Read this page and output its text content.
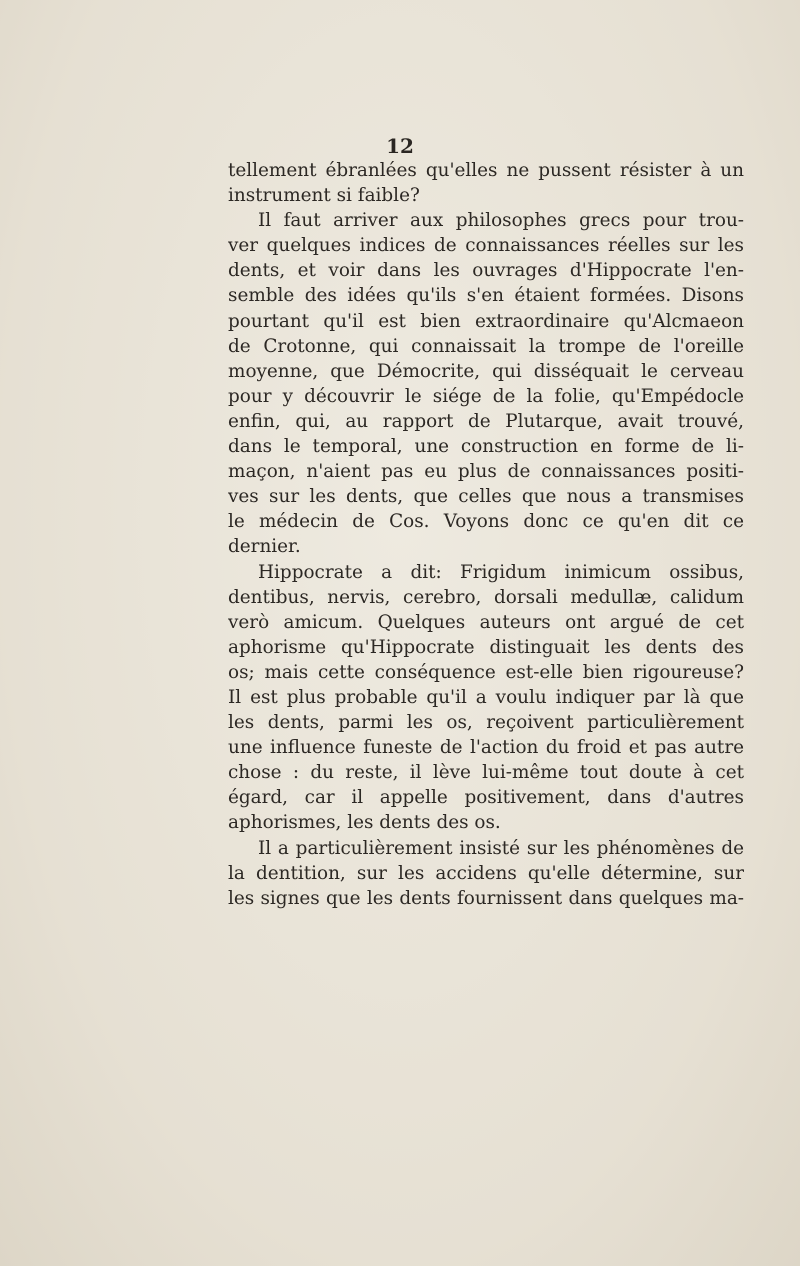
12
tellement ébranlées qu'elles ne pussent résister à un
instrument si faible?
Il faut arriver aux philosophes grecs pour trou-
ver quelques indices de connaissances réelles sur les
dents, et voir dans les ouvrages d'Hippocrate l'en-
semble des idées qu'ils s'en étaient formées. Disons
pourtant qu'il est bien extraordinaire qu'Alcmaeon
de Crotonne, qui connaissait la trompe de l'oreille
moyenne, que Démocrite, qui disséquait le cerveau
pour y découvrir le siége de la folie, qu'Empédocle
enfin, qui, au rapport de Plutarque, avait trouvé,
dans le temporal, une construction en forme de li-
maçon, n'aient pas eu plus de connaissances positi-
ves sur les dents, que celles que nous a transmises
le médecin de Cos. Voyons donc ce qu'en dit ce
dernier.
Hippocrate a dit: Frigidum inimicum ossibus,
dentibus, nervis, cerebro, dorsali medullæ, calidum
verò amicum. Quelques auteurs ont argué de cet
aphorisme qu'Hippocrate distinguait les dents des
os; mais cette conséquence est-elle bien rigoureuse?
Il est plus probable qu'il a voulu indiquer par là que
les dents, parmi les os, reçoivent particulièrement
une influence funeste de l'action du froid et pas autre
chose : du reste, il lève lui-même tout doute à cet
égard, car il appelle positivement, dans d'autres
aphorismes, les dents des os.
Il a particulièrement insisté sur les phénomènes de
la dentition, sur les accidens qu'elle détermine, sur
les signes que les dents fournissent dans quelques ma-
